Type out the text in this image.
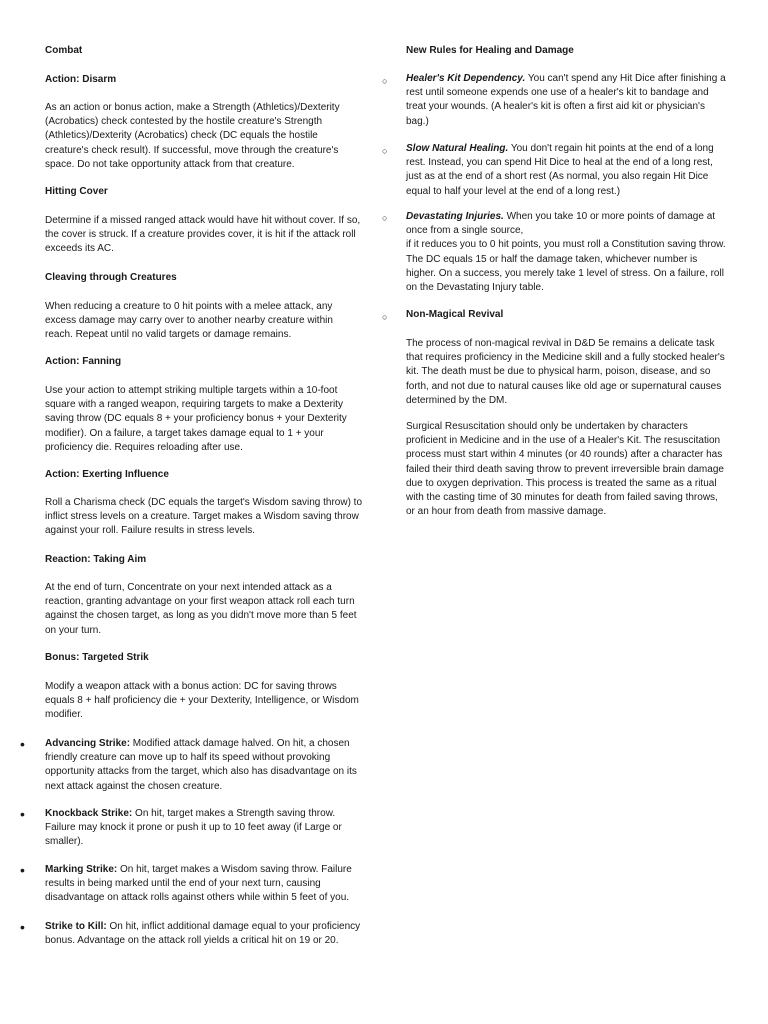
Combat
Action: Disarm
As an action or bonus action, make a Strength (Athletics)/Dexterity (Acrobatics) check contested by the hostile creature's Strength (Athletics)/Dexterity (Acrobatics) check (DC equals the hostile creature's check result). If successful, move through the creature's space. Do not take opportunity attack from that creature.
Hitting Cover
Determine if a missed ranged attack would have hit without cover. If so, the cover is struck. If a creature provides cover, it is hit if the attack roll exceeds its AC.
Cleaving through Creatures
When reducing a creature to 0 hit points with a melee attack, any excess damage may carry over to another nearby creature within reach. Repeat until no valid targets or damage remains.
Action: Fanning
Use your action to attempt striking multiple targets within a 10-foot square with a ranged weapon, requiring targets to make a Dexterity saving throw (DC equals 8 + your proficiency bonus + your Dexterity modifier). On a failure, a target takes damage equal to 1 + your proficiency die. Requires reloading after use.
Action: Exerting Influence
Roll a Charisma check (DC equals the target's Wisdom saving throw) to inflict stress levels on a creature. Target makes a Wisdom saving throw against your roll. Failure results in stress levels.
Reaction: Taking Aim
At the end of turn, Concentrate on your next intended attack as a reaction, granting advantage on your first weapon attack roll each turn against the chosen target, as long as you didn't move more than 5 feet on your turn.
Bonus: Targeted Strik
Modify a weapon attack with a bonus action: DC for saving throws equals 8 + half proficiency die + your Dexterity, Intelligence, or Wisdom modifier.
• Advancing Strike: Modified attack damage halved. On hit, a chosen friendly creature can move up to half its speed without provoking opportunity attacks from the target, which also has disadvantage on its next attack against the chosen creature.
• Knockback Strike: On hit, target makes a Strength saving throw. Failure may knock it prone or push it up to 10 feet away (if Large or smaller).
• Marking Strike: On hit, target makes a Wisdom saving throw. Failure results in being marked until the end of your next turn, causing disadvantage on attack rolls against others while within 5 feet of you.
• Strike to Kill: On hit, inflict additional damage equal to your proficiency bonus. Advantage on the attack roll yields a critical hit on 19 or 20.
New Rules for Healing and Damage
○ Healer's Kit Dependency. You can't spend any Hit Dice after finishing a rest until someone expends one use of a healer's kit to bandage and treat your wounds. (A healer's kit is often a first aid kit or physician's bag.)
○ Slow Natural Healing. You don't regain hit points at the end of a long rest. Instead, you can spend Hit Dice to heal at the end of a long rest, just as at the end of a short rest (As normal, you also regain Hit Dice equal to half your level at the end of a long rest.)
○ Devastating Injuries. When you take 10 or more points of damage at once from a single source,
if it reduces you to 0 hit points, you must roll a Constitution saving throw. The DC equals 15 or half the damage taken, whichever number is higher. On a success, you merely take 1 level of stress. On a failure, roll on the Devastating Injury table.
○ Non-Magical Revival
The process of non-magical revival in D&D 5e remains a delicate task that requires proficiency in the Medicine skill and a fully stocked healer's kit. The death must be due to physical harm, poison, disease, and so forth, and not due to natural causes like old age or supernatural causes determined by the DM.
Surgical Resuscitation should only be undertaken by characters proficient in Medicine and in the use of a Healer's Kit. The resuscitation process must start within 4 minutes (or 40 rounds) after a character has failed their third death saving throw to prevent irreversible brain damage due to oxygen deprivation. This process is treated the same as a ritual with the casting time of 30 minutes for death from failed saving throws, or an hour from death from massive damage.
